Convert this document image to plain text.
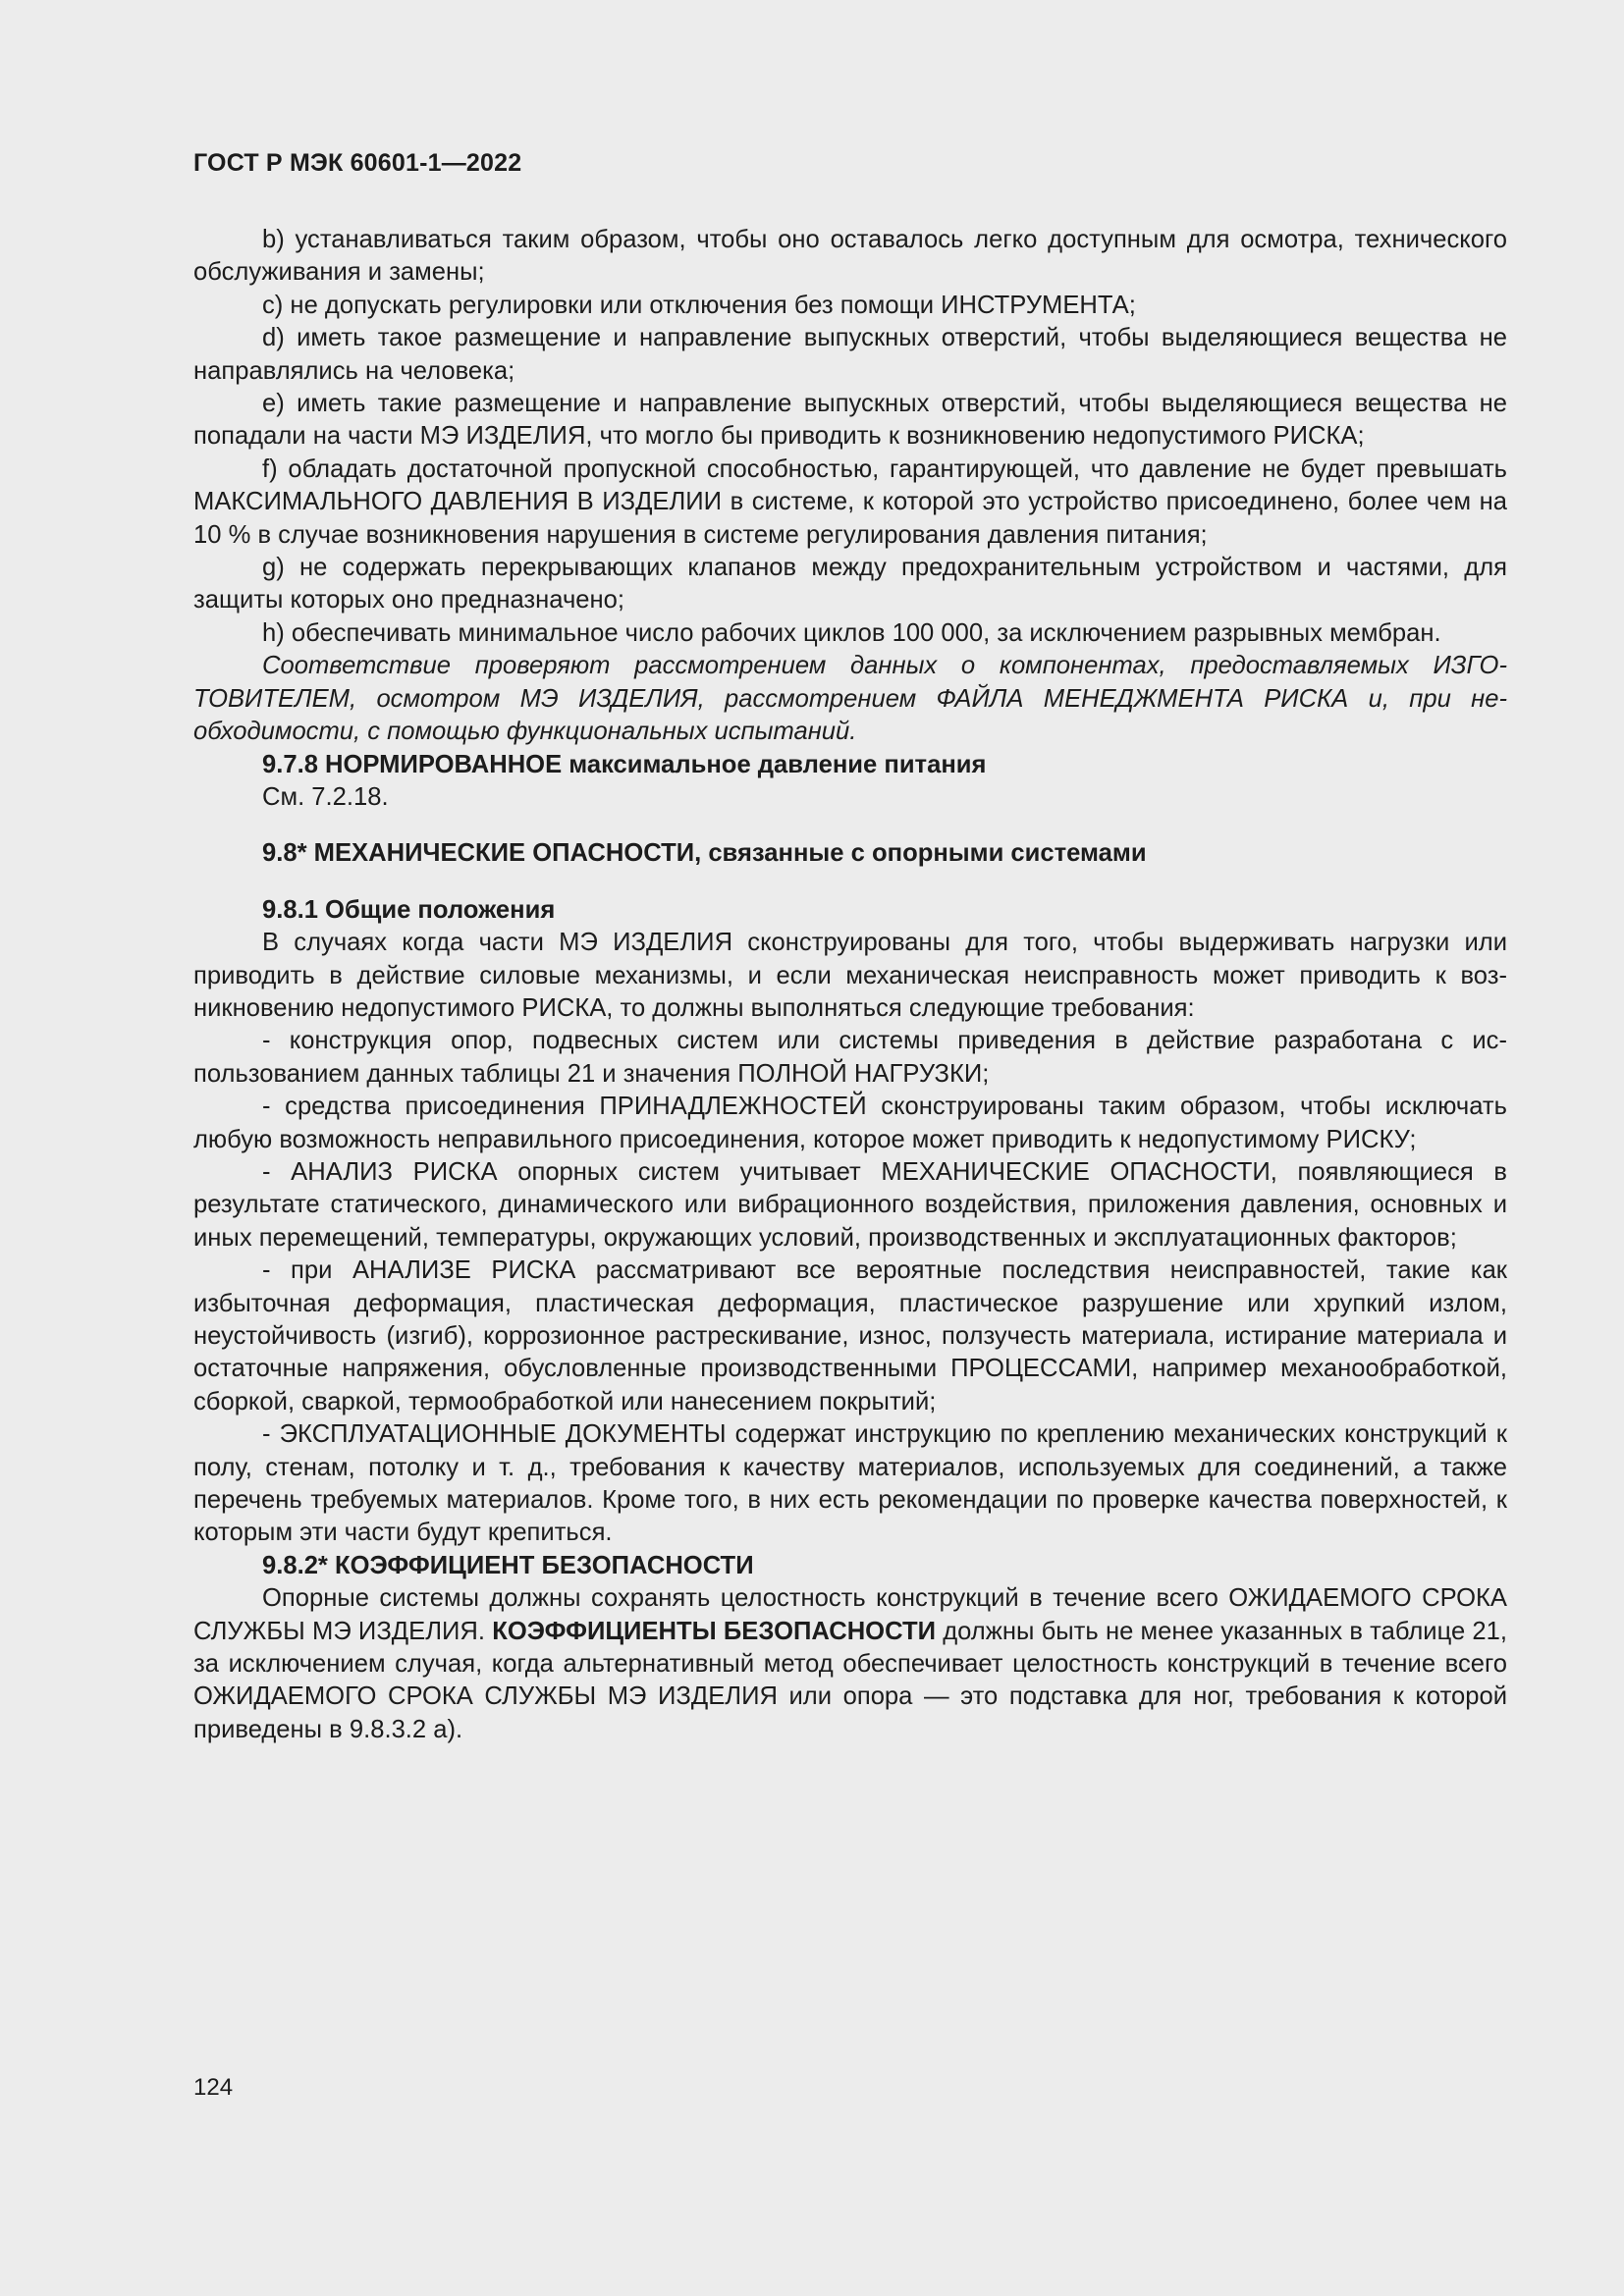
ГОСТ Р МЭК 60601-1—2022

b) устанавливаться таким образом, чтобы оно оставалось легко доступным для осмотра, технического обслуживания и замены;

c) не допускать регулировки или отключения без помощи ИНСТРУМЕНТА;

d) иметь такое размещение и направление выпускных отверстий, чтобы выделяющиеся вещества не направлялись на человека;

e) иметь такие размещение и направление выпускных отверстий, чтобы выделяющиеся вещества не попадали на части МЭ ИЗДЕЛИЯ, что могло бы приводить к возникновению недопустимого РИСКА;

f) обладать достаточной пропускной способностью, гарантирующей, что давление не будет превышать МАКСИМАЛЬНОГО ДАВЛЕНИЯ В ИЗДЕЛИИ в системе, к которой это устройство присоединено, более чем на 10 % в случае возникновения нарушения в системе регулирования давления питания;

g) не содержать перекрывающих клапанов между предохранительным устройством и частями, для защиты которых оно предназначено;

h) обеспечивать минимальное число рабочих циклов 100 000, за исключением разрывных мембран.

Соответствие проверяют рассмотрением данных о компонентах, предоставляемых ИЗГОТОВИТЕЛЕМ, осмотром МЭ ИЗДЕЛИЯ, рассмотрением ФАЙЛА МЕНЕДЖМЕНТА РИСКА и, при необходимости, с помощью функциональных испытаний.

9.7.8 НОРМИРОВАННОЕ максимальное давление питания

См. 7.2.18.

9.8* МЕХАНИЧЕСКИЕ ОПАСНОСТИ, связанные с опорными системами

9.8.1 Общие положения

В случаях когда части МЭ ИЗДЕЛИЯ сконструированы для того, чтобы выдерживать нагрузки или приводить в действие силовые механизмы, и если механическая неисправность может приводить к возникновению недопустимого РИСКА, то должны выполняться следующие требования:

- конструкция опор, подвесных систем или системы приведения в действие разработана с использованием данных таблицы 21 и значения ПОЛНОЙ НАГРУЗКИ;

- средства присоединения ПРИНАДЛЕЖНОСТЕЙ сконструированы таким образом, чтобы исключать любую возможность неправильного присоединения, которое может приводить к недопустимому РИСКУ;

- АНАЛИЗ РИСКА опорных систем учитывает МЕХАНИЧЕСКИЕ ОПАСНОСТИ, появляющиеся в результате статического, динамического или вибрационного воздействия, приложения давления, основных и иных перемещений, температуры, окружающих условий, производственных и эксплуатационных факторов;

- при АНАЛИЗЕ РИСКА рассматривают все вероятные последствия неисправностей, такие как избыточная деформация, пластическая деформация, пластическое разрушение или хрупкий излом, неустойчивость (изгиб), коррозионное растрескивание, износ, ползучесть материала, истирание материала и остаточные напряжения, обусловленные производственными ПРОЦЕССАМИ, например механообработкой, сборкой, сваркой, термообработкой или нанесением покрытий;

- ЭКСПЛУАТАЦИОННЫЕ ДОКУМЕНТЫ содержат инструкцию по креплению механических конструкций к полу, стенам, потолку и т. д., требования к качеству материалов, используемых для соединений, а также перечень требуемых материалов. Кроме того, в них есть рекомендации по проверке качества поверхностей, к которым эти части будут крепиться.

9.8.2* КОЭФФИЦИЕНТ БЕЗОПАСНОСТИ

Опорные системы должны сохранять целостность конструкций в течение всего ОЖИДАЕМОГО СРОКА СЛУЖБЫ МЭ ИЗДЕЛИЯ. КОЭФФИЦИЕНТЫ БЕЗОПАСНОСТИ должны быть не менее указанных в таблице 21, за исключением случая, когда альтернативный метод обеспечивает целостность конструкций в течение всего ОЖИДАЕМОГО СРОКА СЛУЖБЫ МЭ ИЗДЕЛИЯ или опора — это подставка для ног, требования к которой приведены в 9.8.3.2 а).

124
